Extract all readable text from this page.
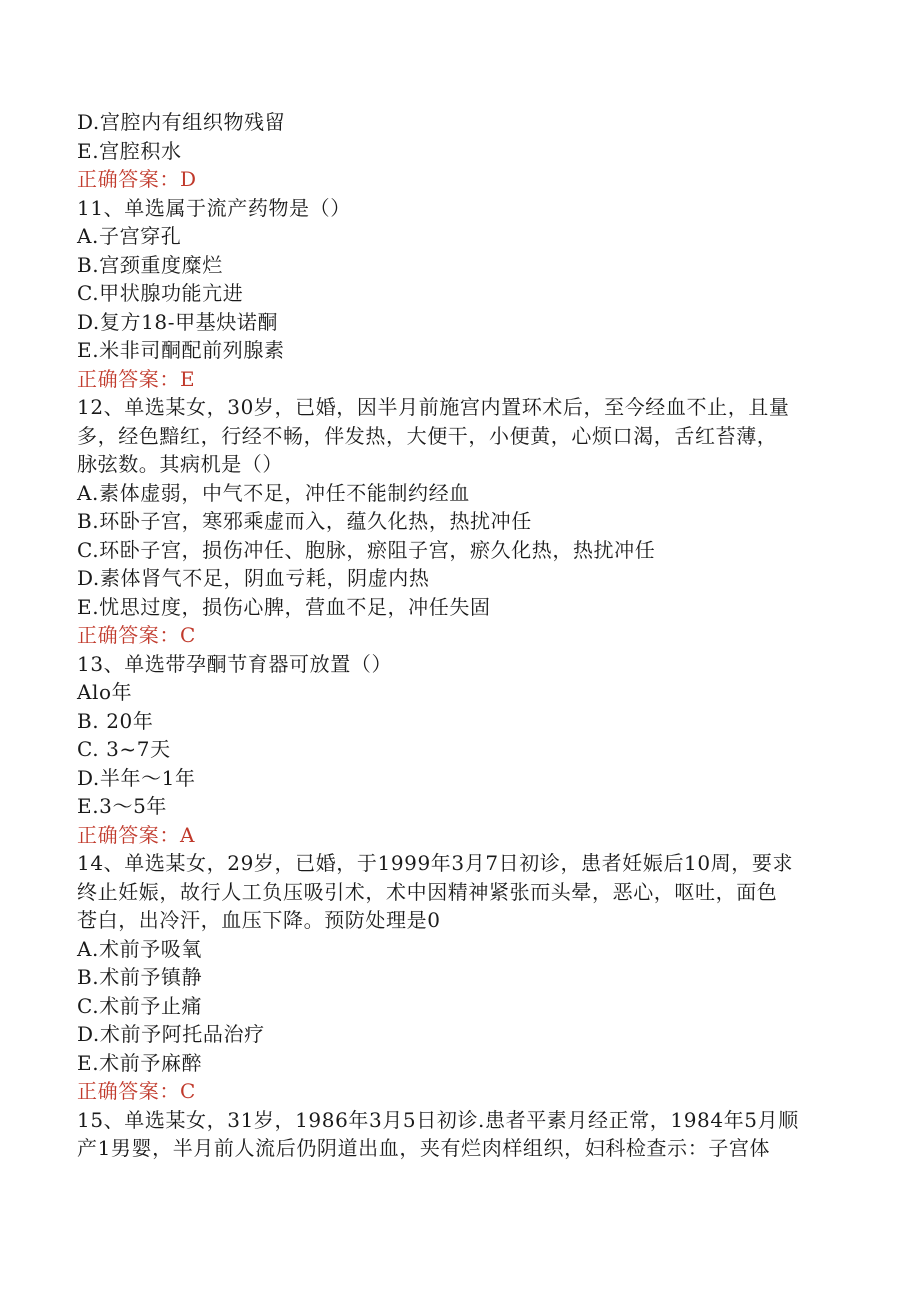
D.宫腔内有组织物残留
E.宫腔积水
正确答案：D
11、单选属于流产药物是（）
A.子宫穿孔
B.宫颈重度糜烂
C.甲状腺功能亢进
D.复方18-甲基炔诺酮
E.米非司酮配前列腺素
正确答案：E
12、单选某女，30岁，已婚，因半月前施宫内置环术后，至今经血不止，且量
多，经色黯红，行经不畅，伴发热，大便干，小便黄，心烦口渴，舌红苔薄，
脉弦数。其病机是（）
A.素体虚弱，中气不足，冲任不能制约经血
B.环卧子宫，寒邪乘虚而入，蕴久化热，热扰冲任
C.环卧子宫，损伤冲任、胞脉，瘀阻子宫，瘀久化热，热扰冲任
D.素体肾气不足，阴血亏耗，阴虚内热
E.忧思过度，损伤心脾，营血不足，冲任失固
正确答案：C
13、单选带孕酮节育器可放置（）
Alo年
B. 20年
C. 3~7天
D.半年～1年
E.3～5年
正确答案：A
14、单选某女，29岁，已婚，于1999年3月7日初诊，患者妊娠后10周，要求
终止妊娠，故行人工负压吸引术，术中因精神紧张而头晕，恶心，呕吐，面色
苍白，出冷汗，血压下降。预防处理是0
A.术前予吸氧
B.术前予镇静
C.术前予止痛
D.术前予阿托品治疗
E.术前予麻醉
正确答案：C
15、单选某女，31岁，1986年3月5日初诊.患者平素月经正常，1984年5月顺
产1男婴，半月前人流后仍阴道出血，夹有烂肉样组织，妇科检查示：子宫体
